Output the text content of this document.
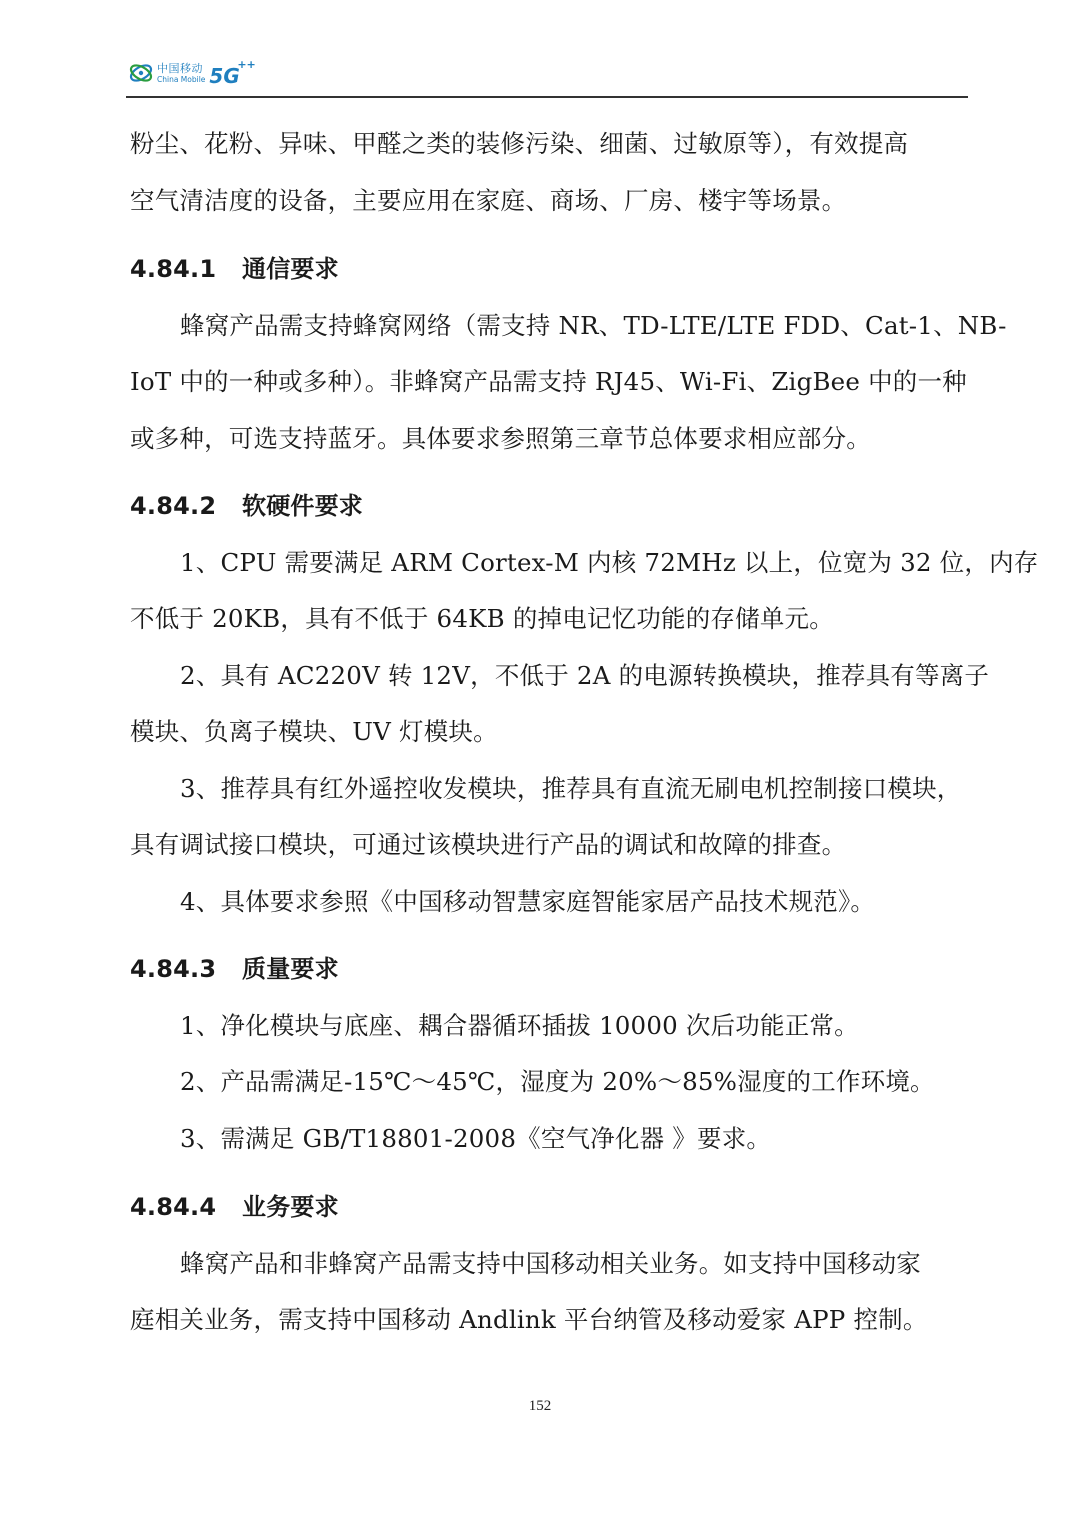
中国移动
China Mobile 5G
++
粉尘、花粉、异味、甲醛之类的装修污染、细菌、过敏原等），有效提高
空气清洁度的设备，主要应用在家庭、商场、厂房、楼宇等场景。
4.84.1 通信要求
蜂窝产品需支持蜂窝网络（需支持 NR、TD-LTE/LTE FDD、Cat-1、NB-
IoT 中的一种或多种）。非蜂窝产品需支持 RJ45、Wi-Fi、ZigBee 中的一种
或多种，可选支持蓝牙。具体要求参照第三章节总体要求相应部分。
4.84.2 软硬件要求
1、CPU 需要满足 ARM Cortex-M 内核 72MHz 以上，位宽为 32 位，内存
不低于 20KB，具有不低于 64KB 的掉电记忆功能的存储单元。
2、具有 AC220V 转 12V，不低于 2A 的电源转换模块，推荐具有等离子
模块、负离子模块、UV 灯模块。
3、推荐具有红外遥控收发模块，推荐具有直流无刷电机控制接口模块，
具有调试接口模块，可通过该模块进行产品的调试和故障的排查。
4、具体要求参照《中国移动智慧家庭智能家居产品技术规范》。
4.84.3 质量要求
1、净化模块与底座、耦合器循环插拔 10000 次后功能正常。
2、产品需满足-15℃～45℃，湿度为 20%～85%湿度的工作环境。
3、需满足 GB/T18801-2008《空气净化器 》要求。
4.84.4 业务要求
蜂窝产品和非蜂窝产品需支持中国移动相关业务。如支持中国移动家
庭相关业务，需支持中国移动 Andlink 平台纳管及移动爱家 APP 控制。
152
